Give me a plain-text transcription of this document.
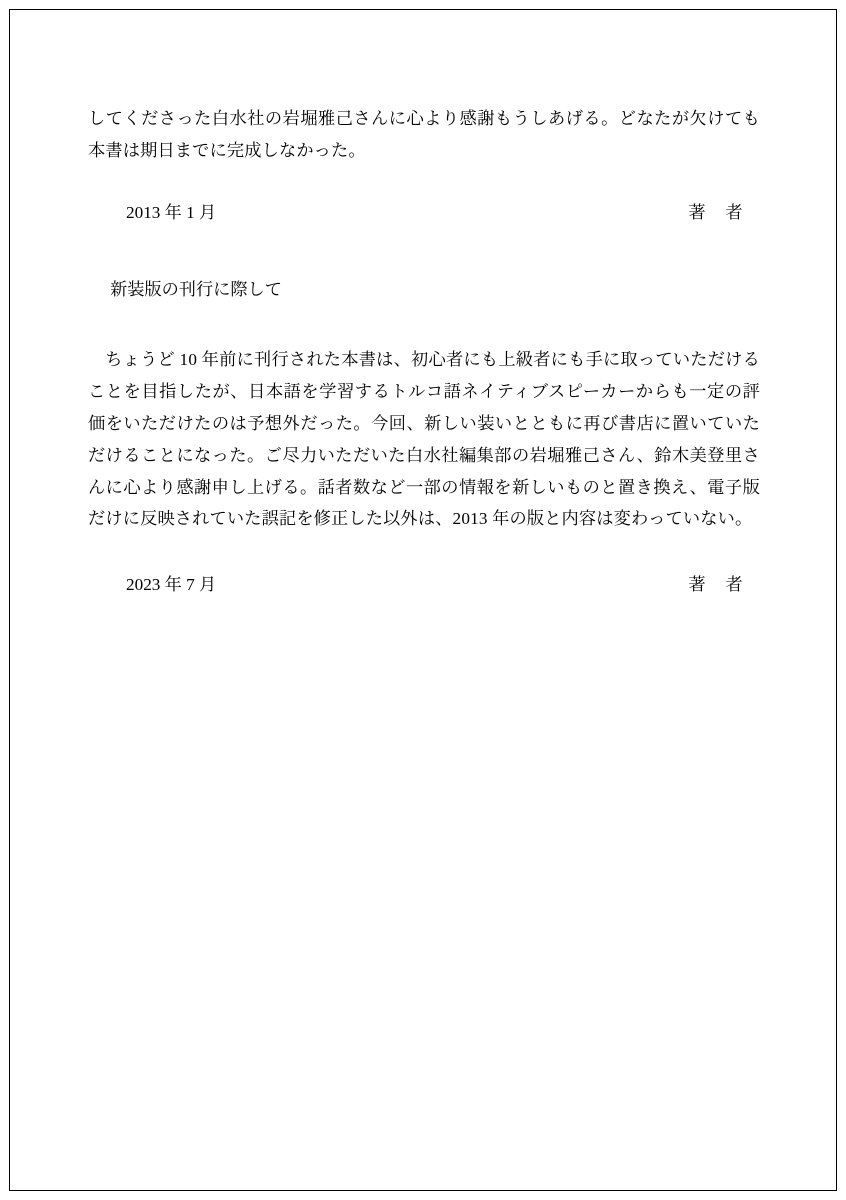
してくださった白水社の岩堀雅己さんに心より感謝もうしあげる。どなたが欠けても本書は期日までに完成しなかった。

2013 年 1 月	著 者
新装版の刊行に際して

ちょうど 10 年前に刊行された本書は、初心者にも上級者にも手に取っていただけることを目指したが、日本語を学習するトルコ語ネイティブスピーカーからも一定の評価をいただけたのは予想外だった。今回、新しい装いとともに再び書店に置いていただけることになった。ご尽力いただいた白水社編集部の岩堀雅己さん、鈴木美登里さんに心より感謝申し上げる。話者数など一部の情報を新しいものと置き換え、電子版だけに反映されていた誤記を修正した以外は、2013 年の版と内容は変わっていない。

2023 年 7 月	著 者
